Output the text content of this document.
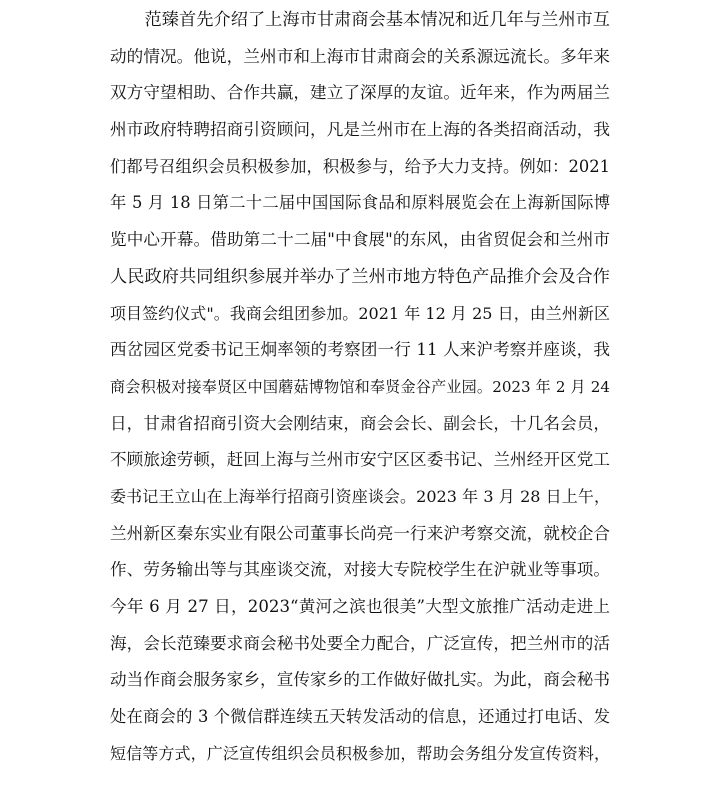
　　范臻首先介绍了上海市甘肃商会基本情况和近几年与兰州市互
动的情况。他说，兰州市和上海市甘肃商会的关系源远流长。多年来
双方守望相助、合作共赢，建立了深厚的友谊。近年来，作为两届兰
州市政府特聘招商引资顾问，凡是兰州市在上海的各类招商活动，我
们都号召组织会员积极参加，积极参与，给予大力支持。例如：2021
年 5 月 18 日第二十二届中国国际食品和原料展览会在上海新国际博
览中心开幕。借助第二十二届"中食展"的东风，由省贸促会和兰州市
人民政府共同组织参展并举办了兰州市地方特色产品推介会及合作
项目签约仪式"。我商会组团参加。2021 年 12 月 25 日，由兰州新区
西岔园区党委书记王炯率领的考察团一行 11 人来沪考察并座谈，我
商会积极对接奉贤区中国蘑菇博物馆和奉贤金谷产业园。2023 年 2 月 24
日，甘肃省招商引资大会刚结束，商会会长、副会长，十几名会员，
不顾旅途劳顿，赶回上海与兰州市安宁区区委书记、兰州经开区党工
委书记王立山在上海举行招商引资座谈会。2023 年 3 月 28 日上午，
兰州新区秦东实业有限公司董事长尚亮一行来沪考察交流，就校企合
作、劳务输出等与其座谈交流，对接大专院校学生在沪就业等事项。
今年 6 月 27 日，2023“黄河之滨也很美”大型文旅推广活动走进上
海，会长范臻要求商会秘书处要全力配合，广泛宣传，把兰州市的活
动当作商会服务家乡，宣传家乡的工作做好做扎实。为此，商会秘书
处在商会的 3 个微信群连续五天转发活动的信息，还通过打电话、发
短信等方式，广泛宣传组织会员积极参加，帮助会务组分发宣传资料，
